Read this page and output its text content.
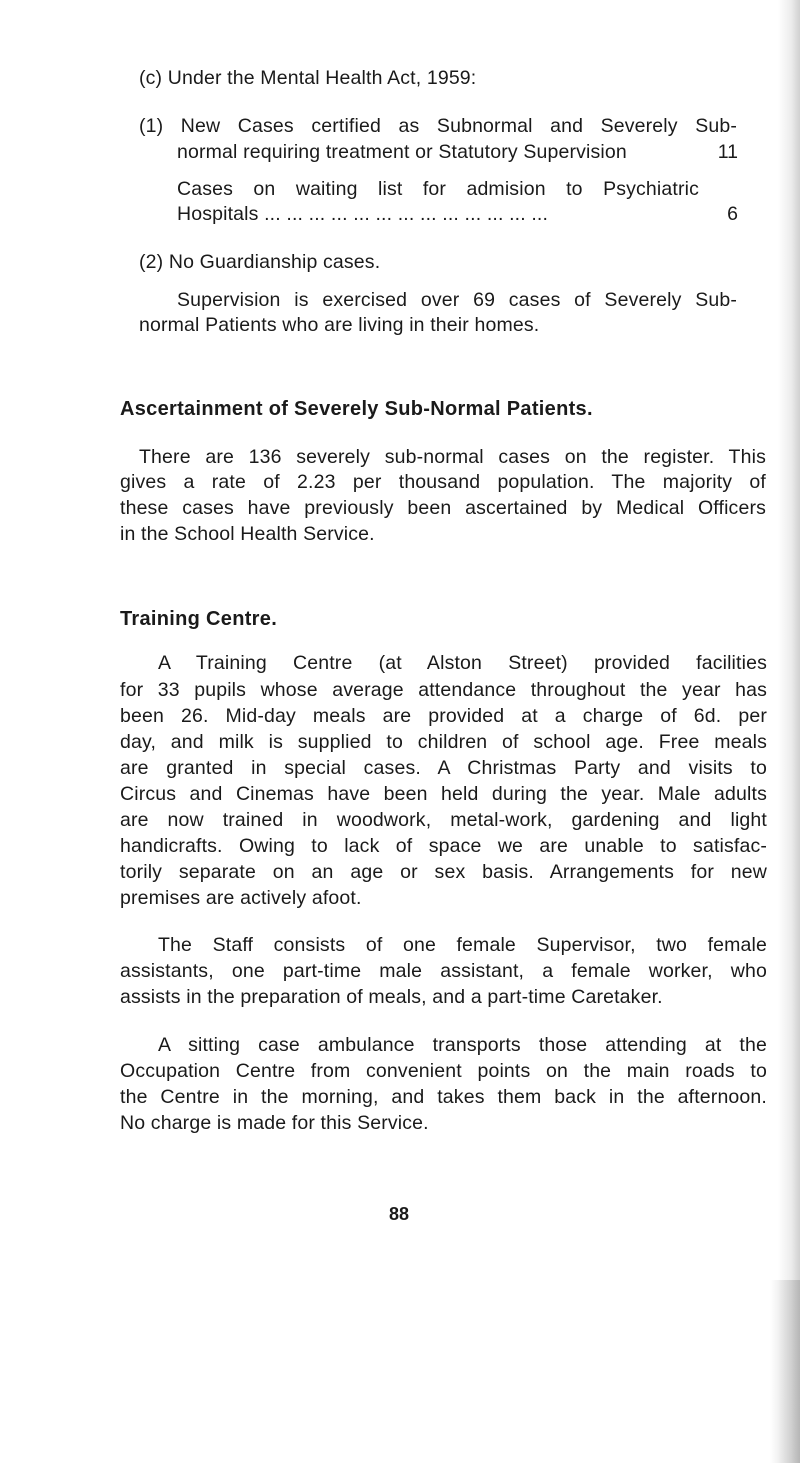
(c) Under the Mental Health Act, 1959:
(1) New Cases certified as Subnormal and Severely Sub-
normal requiring treatment or Statutory Supervision	11
Cases on waiting list for admision to Psychiatric
Hospitals ... ... ... ... ... ... ... ... ... ... ... ... ...	6
(2) No Guardianship cases.
Supervision is exercised over 69 cases of Severely Sub-
normal Patients who are living in their homes.
Ascertainment of Severely Sub-Normal Patients.
There are 136 severely sub-normal cases on the register. This
gives a rate of 2.23 per thousand population. The majority of
these cases have previously been ascertained by Medical Officers
in the School Health Service.
Training Centre.
A Training Centre (at Alston Street) provided facilities
for 33 pupils whose average attendance throughout the year has
been 26. Mid-day meals are provided at a charge of 6d. per
day, and milk is supplied to children of school age. Free meals
are granted in special cases. A Christmas Party and visits to
Circus and Cinemas have been held during the year. Male adults
are now trained in woodwork, metal-work, gardening and light
handicrafts. Owing to lack of space we are unable to satisfac-
torily separate on an age or sex basis. Arrangements for new
premises are actively afoot.
The Staff consists of one female Supervisor, two female
assistants, one part-time male assistant, a female worker, who
assists in the preparation of meals, and a part-time Caretaker.
A sitting case ambulance transports those attending at the
Occupation Centre from convenient points on the main roads to
the Centre in the morning, and takes them back in the afternoon.
No charge is made for this Service.
88
